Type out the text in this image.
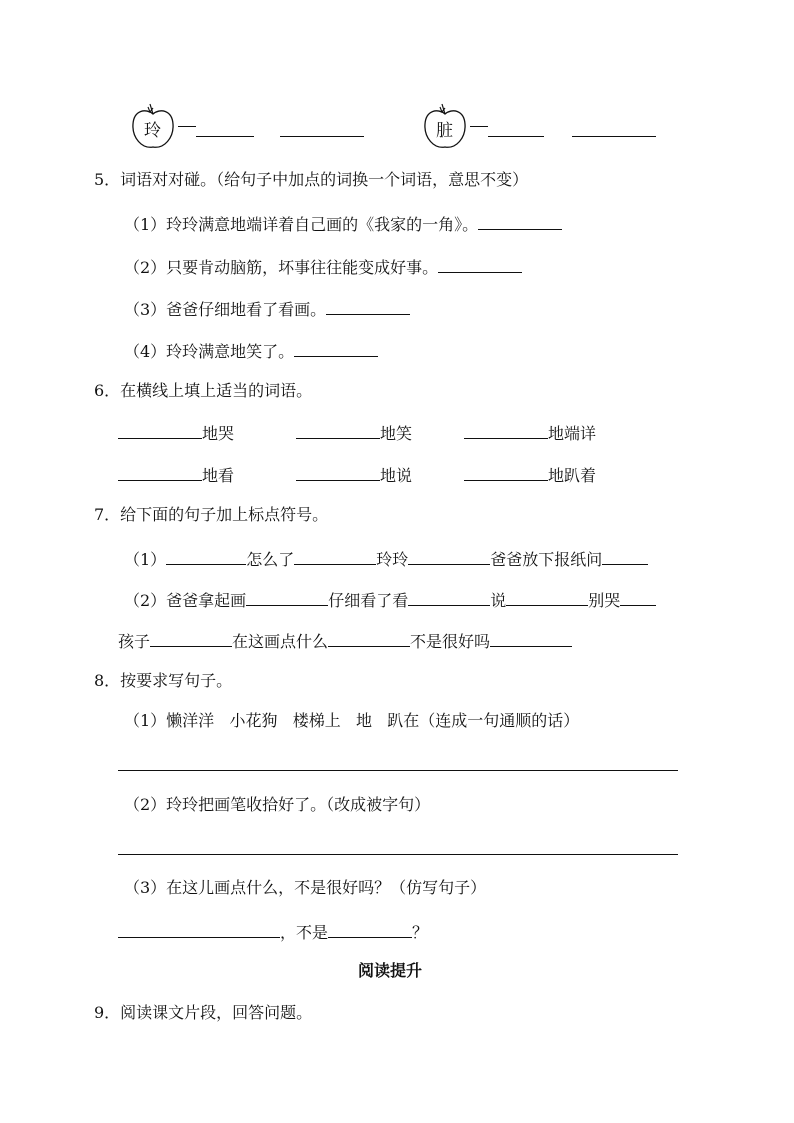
玲	脏
5．词语对对碰。（给句子中加点的词换一个词语，意思不变）
（1）玲玲满意地端详着自己画的《我家的一角》。
（2）只要肯动脑筋，坏事往往能变成好事。
（3）爸爸仔细地看了看画。
（4）玲玲满意地笑了。
6．在横线上填上适当的词语。
地哭	地笑	地端详
地看	地说	地趴着
7．给下面的句子加上标点符号。
（1）	怎么了	玲玲	爸爸放下报纸问
（2）爸爸拿起画	仔细看了看	说	别哭
孩子	在这画点什么	不是很好吗
8．按要求写句子。
（1）懒洋洋   小花狗   楼梯上   地   趴在（连成一句通顺的话）
（2）玲玲把画笔收拾好了。（改成被字句）
（3）在这儿画点什么，不是很好吗？（仿写句子）
，不是	？
阅读提升
9．阅读课文片段，回答问题。
